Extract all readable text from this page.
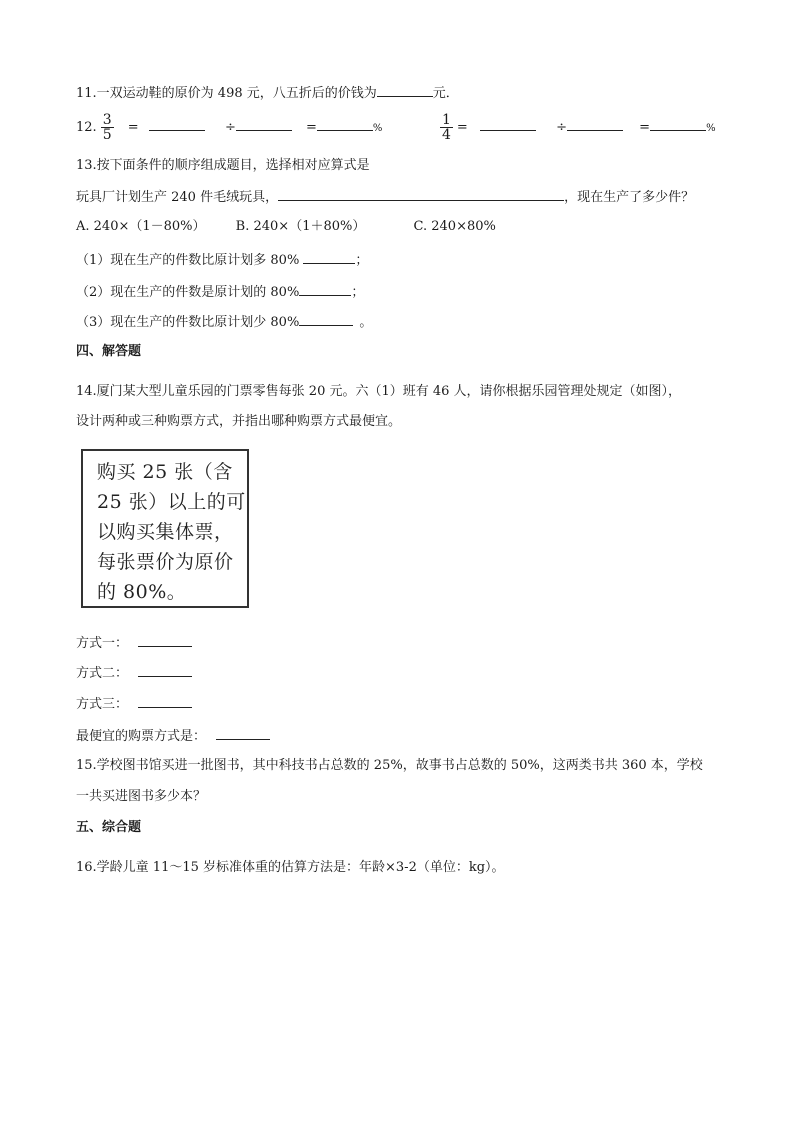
11.一双运动鞋的原价为 498 元，八五折后的价钱为	元．
12. $\frac{3}{5}$ =	÷	=	%	$\frac{1}{4}$ =	÷	=	%
13.按下面条件的顺序组成题目，选择相对应算式是
玩具厂计划生产 240 件毛绒玩具，	，现在生产了多少件？
A. 240×（1－80%） B. 240×（1＋80%）	C. 240×80%
（1）现在生产的件数比原计划多 80%	；
（2）现在生产的件数是原计划的 80%	；
（3）现在生产的件数比原计划少 80%	。
四、解答题
14.厦门某大型儿童乐园的门票零售每张 20 元。六（1）班有 46 人，请你根据乐园管理处规定（如图），
设计两种或三种购票方式，并指出哪种购票方式最便宜。
购买 25 张（含
25 张）以上的可
以购买集体票，
每张票价为原价
的 80%。
方式一：
方式二：
方式三：
最便宜的购票方式是：
15.学校图书馆买进一批图书，其中科技书占总数的 25%，故事书占总数的 50%，这两类书共 360 本，学校
一共买进图书多少本？
五、综合题
16.学龄儿童 11～15 岁标准体重的估算方法是：年龄×3-2（单位：kg）。
